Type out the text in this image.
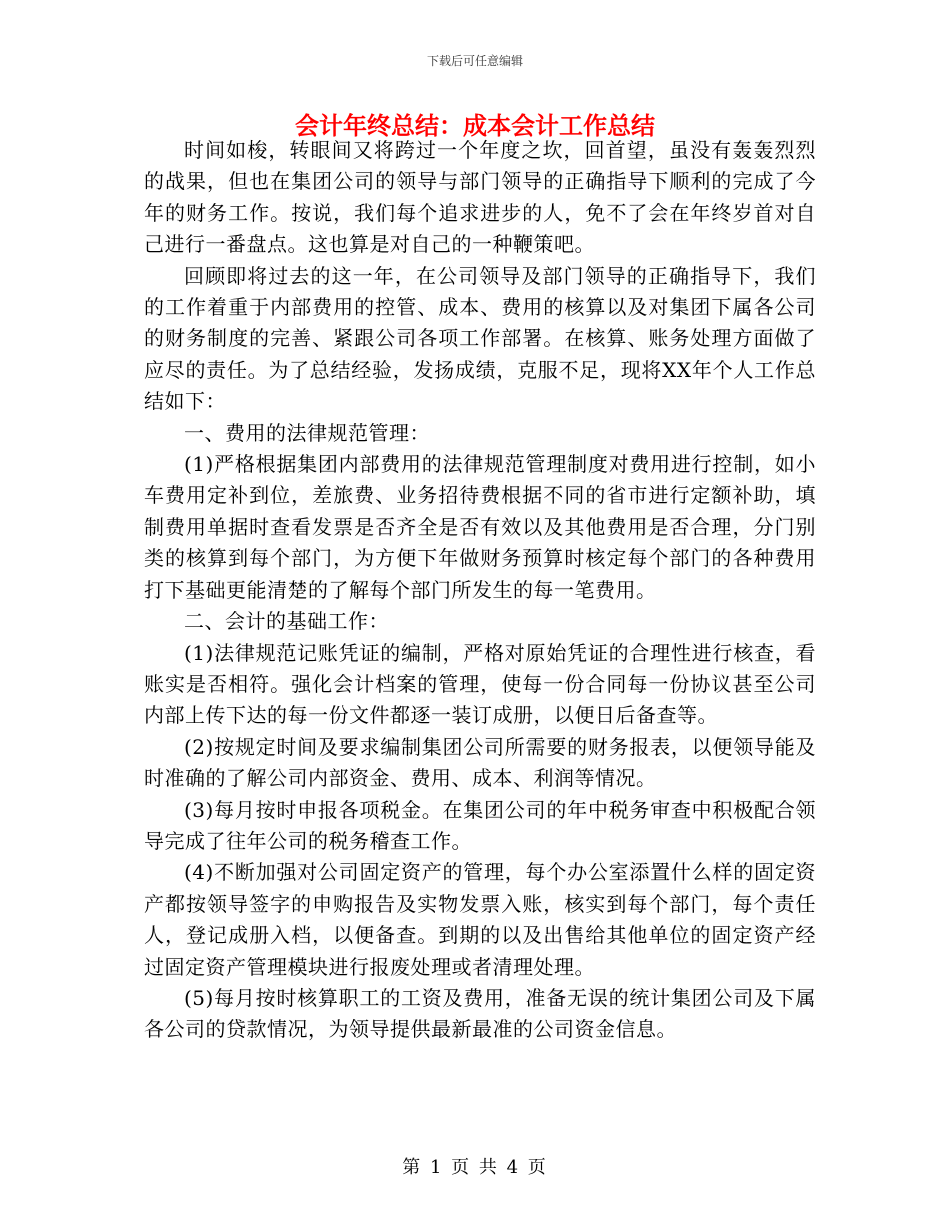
下载后可任意编辑
会计年终总结：成本会计工作总结

时间如梭，转眼间又将跨过一个年度之坎，回首望，虽没有轰轰烈烈的战果，但也在集团公司的领导与部门领导的正确指导下顺利的完成了今年的财务工作。按说，我们每个追求进步的人，免不了会在年终岁首对自己进行一番盘点。这也算是对自己的一种鞭策吧。

回顾即将过去的这一年，在公司领导及部门领导的正确指导下，我们的工作着重于内部费用的控管、成本、费用的核算以及对集团下属各公司的财务制度的完善、紧跟公司各项工作部署。在核算、账务处理方面做了应尽的责任。为了总结经验，发扬成绩，克服不足，现将XX年个人工作总结如下：

一、费用的法律规范管理：

(1)严格根据集团内部费用的法律规范管理制度对费用进行控制，如小车费用定补到位，差旅费、业务招待费根据不同的省市进行定额补助，填制费用单据时查看发票是否齐全是否有效以及其他费用是否合理，分门别类的核算到每个部门，为方便下年做财务预算时核定每个部门的各种费用打下基础更能清楚的了解每个部门所发生的每一笔费用。

二、会计的基础工作：

(1)法律规范记账凭证的编制，严格对原始凭证的合理性进行核查，看账实是否相符。强化会计档案的管理，使每一份合同每一份协议甚至公司内部上传下达的每一份文件都逐一装订成册，以便日后备查等。

(2)按规定时间及要求编制集团公司所需要的财务报表，以便领导能及时准确的了解公司内部资金、费用、成本、利润等情况。

(3)每月按时申报各项税金。在集团公司的年中税务审查中积极配合领导完成了往年公司的税务稽查工作。

(4)不断加强对公司固定资产的管理，每个办公室添置什么样的固定资产都按领导签字的申购报告及实物发票入账，核实到每个部门，每个责任人，登记成册入档，以便备查。到期的以及出售给其他单位的固定资产经过固定资产管理模块进行报废处理或者清理处理。

(5)每月按时核算职工的工资及费用，准备无误的统计集团公司及下属各公司的贷款情况，为领导提供最新最准的公司资金信息。

第 1 页 共 4 页
